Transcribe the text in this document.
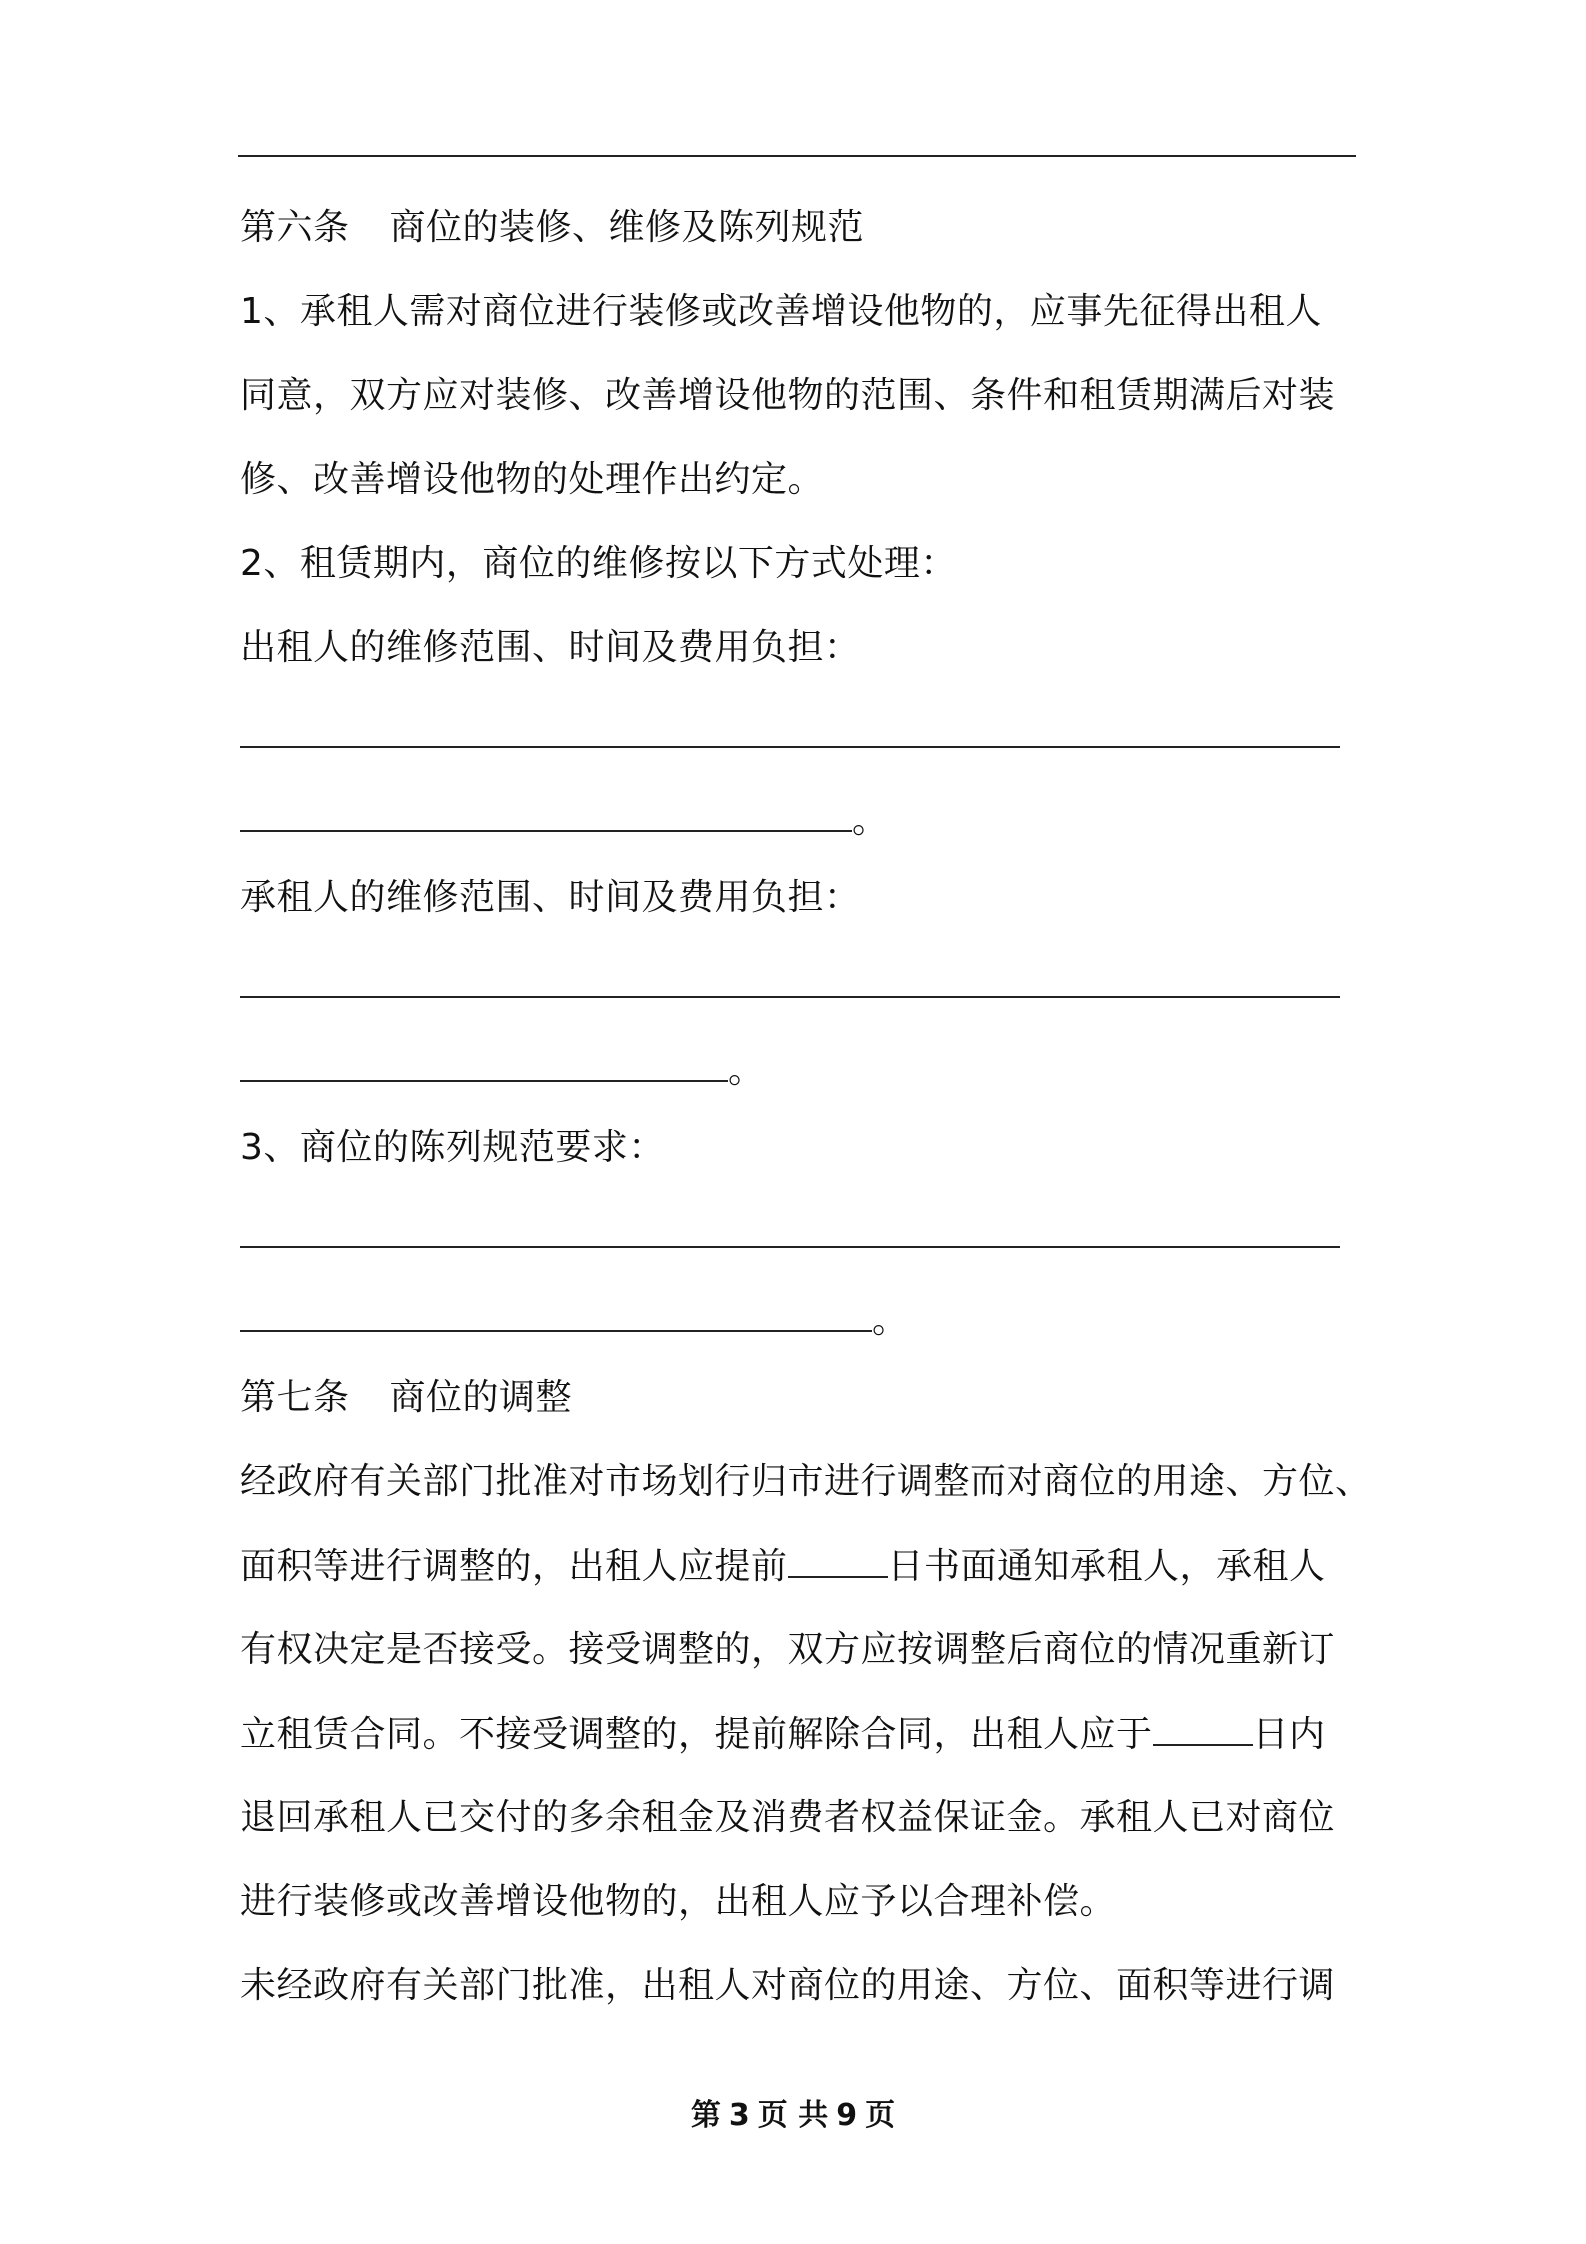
第六条 商位的装修、维修及陈列规范
1、承租人需对商位进行装修或改善增设他物的，应事先征得出租人
同意，双方应对装修、改善增设他物的范围、条件和租赁期满后对装
修、改善增设他物的处理作出约定。
2、租赁期内，商位的维修按以下方式处理：
出租人的维修范围、时间及费用负担：
。
承租人的维修范围、时间及费用负担：
。
3、商位的陈列规范要求：
。
第七条 商位的调整
经政府有关部门批准对市场划行归市进行调整而对商位的用途、方位、
面积等进行调整的，出租人应提前	日书面通知承租人，承租人
有权决定是否接受。接受调整的，双方应按调整后商位的情况重新订
立租赁合同。不接受调整的，提前解除合同，出租人应于	日内
退回承租人已交付的多余租金及消费者权益保证金。承租人已对商位
进行装修或改善增设他物的，出租人应予以合理补偿。
未经政府有关部门批准，出租人对商位的用途、方位、面积等进行调
第 3 页 共 9 页
